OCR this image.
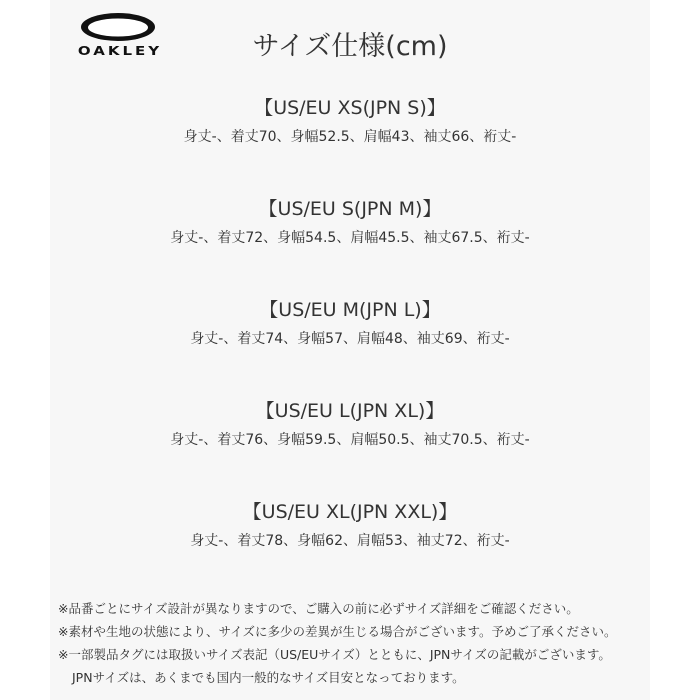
OAKLEY	サイズ仕様(cm)
【US/EU XS(JPN S)】
身丈-、着丈70、身幅52.5、肩幅43、袖丈66、裄丈-
【US/EU S(JPN M)】
身丈-、着丈72、身幅54.5、肩幅45.5、袖丈67.5、裄丈-
【US/EU M(JPN L)】
身丈-、着丈74、身幅57、肩幅48、袖丈69、裄丈-
【US/EU L(JPN XL)】
身丈-、着丈76、身幅59.5、肩幅50.5、袖丈70.5、裄丈-
【US/EU XL(JPN XXL)】
身丈-、着丈78、身幅62、肩幅53、袖丈72、裄丈-
※品番ごとにサイズ設計が異なりますので、ご購入の前に必ずサイズ詳細をご確認ください。
※素材や生地の状態により、サイズに多少の差異が生じる場合がございます。予めご了承ください。
※一部製品タグには取扱いサイズ表記（US/EUサイズ）とともに、JPNサイズの記載がございます。
JPNサイズは、あくまでも国内一般的なサイズ目安となっております。
